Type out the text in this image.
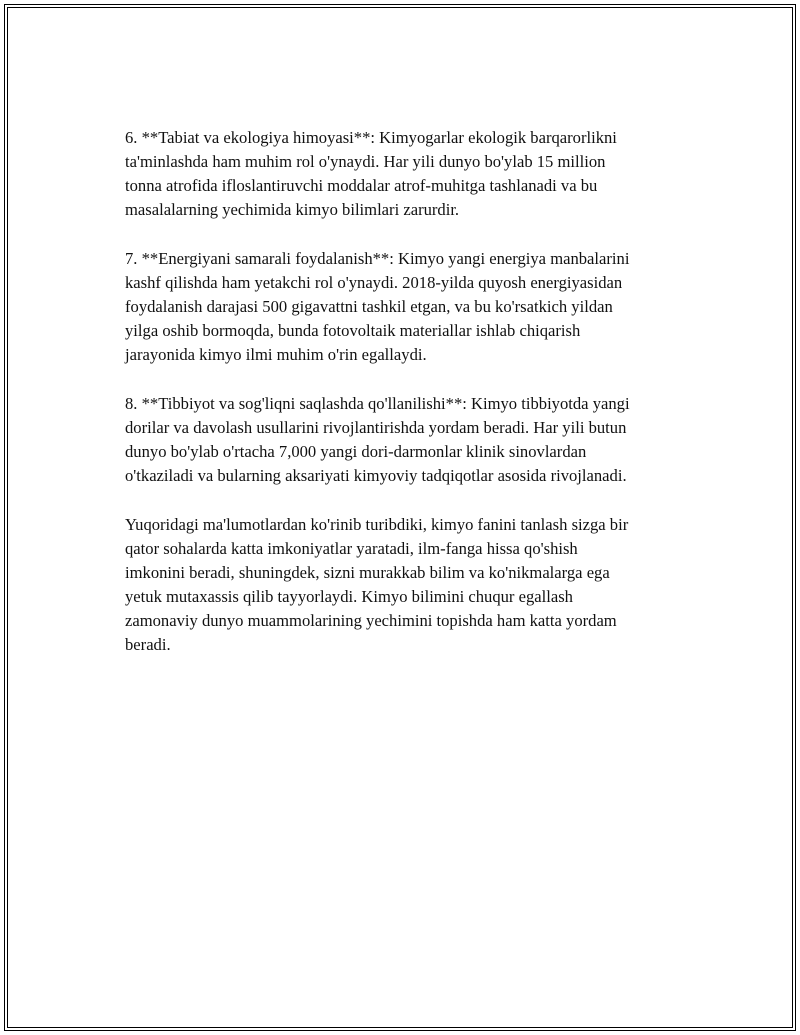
6. **Tabiat va ekologiya himoyasi**: Kimyogarlar ekologik barqarorlikni
ta'minlashda ham muhim rol o'ynaydi. Har yili dunyo bo'ylab 15 million
tonna atrofida ifloslantiruvchi moddalar atrof-muhitga tashlanadi va bu
masalalarning yechimida kimyo bilimlari zarurdir.

7. **Energiyani samarali foydalanish**: Kimyo yangi energiya manbalarini
kashf qilishda ham yetakchi rol o'ynaydi. 2018-yilda quyosh energiyasidan
foydalanish darajasi 500 gigavattni tashkil etgan, va bu ko'rsatkich yildan
yilga oshib bormoqda, bunda fotovoltaik materiallar ishlab chiqarish
jarayonida kimyo ilmi muhim o'rin egallaydi.

8. **Tibbiyot va sog'liqni saqlashda qo'llanilishi**: Kimyo tibbiyotda yangi
dorilar va davolash usullarini rivojlantirishda yordam beradi. Har yili butun
dunyo bo'ylab o'rtacha 7,000 yangi dori-darmonlar klinik sinovlardan
o'tkaziladi va bularning aksariyati kimyoviy tadqiqotlar asosida rivojlanadi.

Yuqoridagi ma'lumotlardan ko'rinib turibdiki, kimyo fanini tanlash sizga bir
qator sohalarda katta imkoniyatlar yaratadi, ilm-fanga hissa qo'shish
imkonini beradi, shuningdek, sizni murakkab bilim va ko'nikmalarga ega
yetuk mutaxassis qilib tayyorlaydi. Kimyo bilimini chuqur egallash
zamonaviy dunyo muammolarining yechimini topishda ham katta yordam
beradi.
